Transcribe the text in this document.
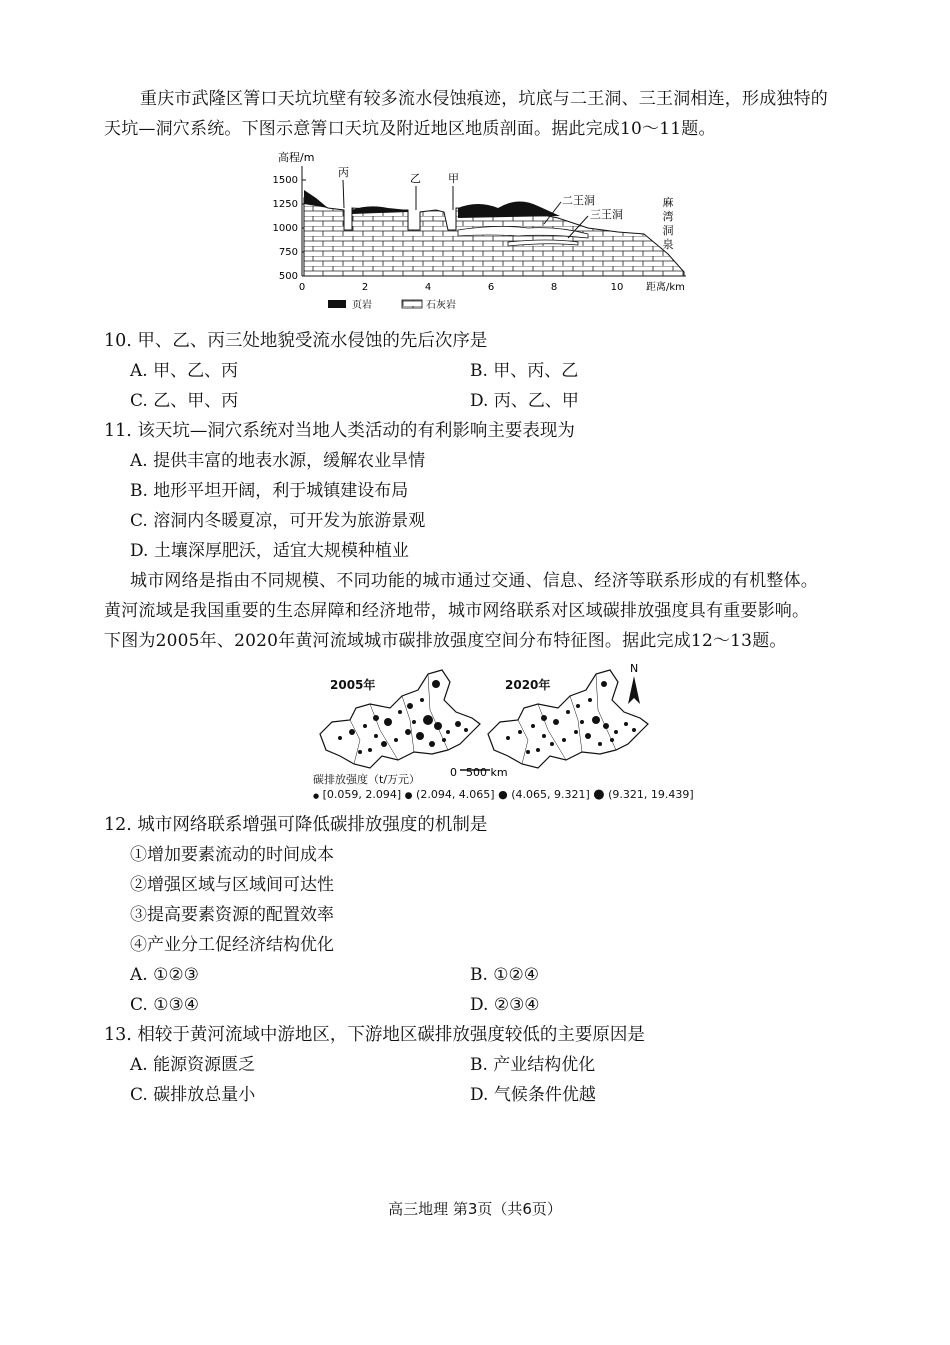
重庆市武隆区箐口天坑坑壁有较多流水侵蚀痕迹，坑底与二王洞、三王洞相连，形成独特的
天坑—洞穴系统。下图示意箐口天坑及附近地区地质剖面。据此完成10～11题。
高程/m
1500
1250
1000
750
500
0	2	4	6	8	10 距离/km
丙	乙 甲
二王洞
三王洞
麻
湾
洞
泉
页岩	石灰岩
10. 甲、乙、丙三处地貌受流水侵蚀的先后次序是
A. 甲、乙、丙	B. 甲、丙、乙
C. 乙、甲、丙	D. 丙、乙、甲
11. 该天坑—洞穴系统对当地人类活动的有利影响主要表现为
A. 提供丰富的地表水源，缓解农业旱情
B. 地形平坦开阔，利于城镇建设布局
C. 溶洞内冬暖夏凉，可开发为旅游景观
D. 土壤深厚肥沃，适宜大规模种植业
城市网络是指由不同规模、不同功能的城市通过交通、信息、经济等联系形成的有机整体。
黄河流域是我国重要的生态屏障和经济地带，城市网络联系对区域碳排放强度具有重要影响。
下图为2005年、2020年黄河流域城市碳排放强度空间分布特征图。据此完成12～13题。
2005年	2020年
N
0 500 km
碳排放强度（t/万元）
● [0.059, 2.094] ● (2.094, 4.065] ● (4.065, 9.321] ● (9.321, 19.439]
12. 城市网络联系增强可降低碳排放强度的机制是
①增加要素流动的时间成本
②增强区域与区域间可达性
③提高要素资源的配置效率
④产业分工促经济结构优化
A. ①②③	B. ①②④
C. ①③④	D. ②③④
13. 相较于黄河流域中游地区，下游地区碳排放强度较低的主要原因是
A. 能源资源匮乏	B. 产业结构优化
C. 碳排放总量小	D. 气候条件优越
高三地理 第3页（共6页）
